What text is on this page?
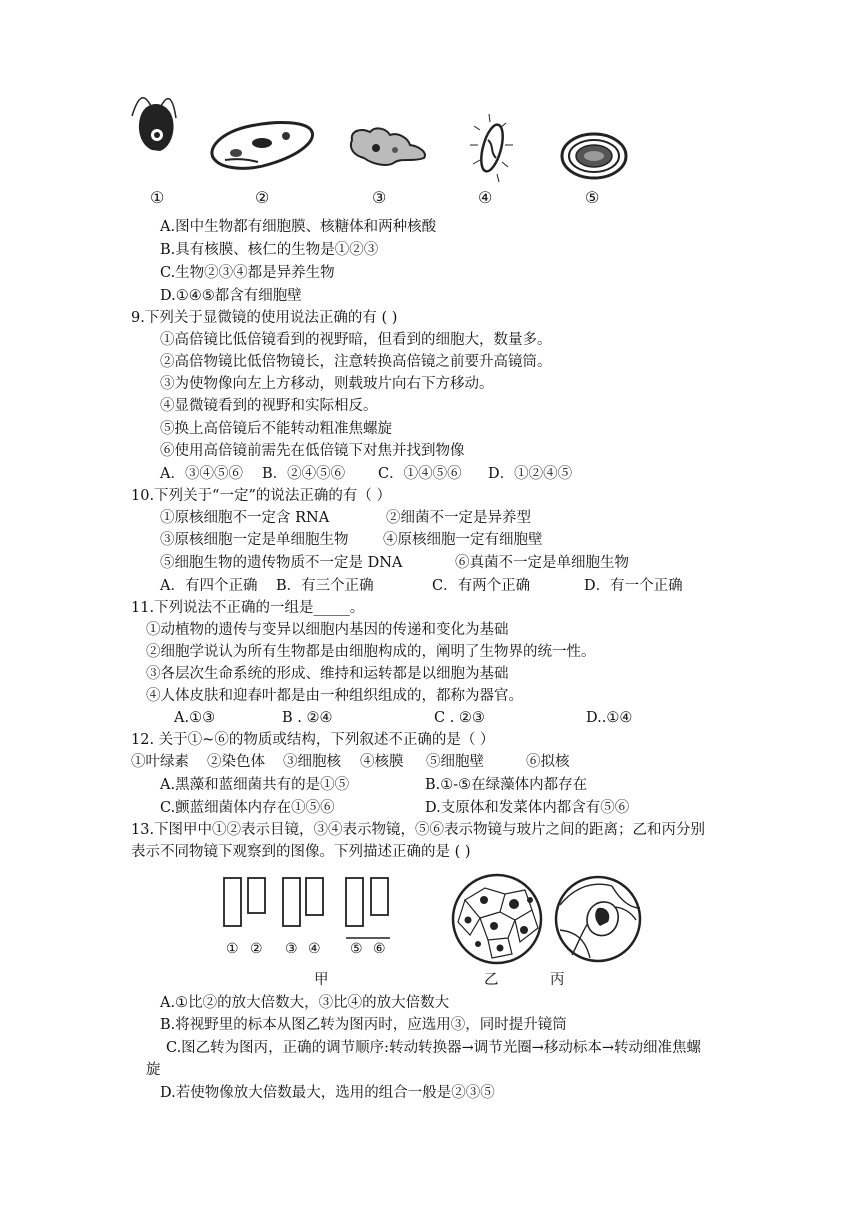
①	②	③	④	⑤
A.图中生物都有细胞膜、核糖体和两种核酸
B.具有核膜、核仁的生物是①②③
C.生物②③④都是异养生物
D.①④⑤都含有细胞壁
9.下列关于显微镜的使用说法正确的有 ( )
①高倍镜比低倍镜看到的视野暗，但看到的细胞大，数量多。
②高倍物镜比低倍物镜长，注意转换高倍镜之前要升高镜筒。
③为使物像向左上方移动，则载玻片向右下方移动。
④显微镜看到的视野和实际相反。
⑤换上高倍镜后不能转动粗准焦螺旋
⑥使用高倍镜前需先在低倍镜下对焦并找到物像
A．③④⑤⑥ B．②④⑤⑥ C．①④⑤⑥ D．①②④⑤
10.下列关于“一定”的说法正确的有（ ）
①原核细胞不一定含 RNA	②细菌不一定是异养型
③原核细胞一定是单细胞生物 ④原核细胞一定有细胞壁
⑤细胞生物的遗传物质不一定是 DNA	⑥真菌不一定是单细胞生物
A．有四个正确 B．有三个正确	C．有两个正确	D．有一个正确
11.下列说法不正确的一组是_____。
①动植物的遗传与变异以细胞内基因的传递和变化为基础
②细胞学说认为所有生物都是由细胞构成的，阐明了生物界的统一性。
③各层次生命系统的形成、维持和运转都是以细胞为基础
④人体皮肤和迎春叶都是由一种组织组成的，都称为器官。
A.①③	B . ②④	C . ②③	D..①④
12. 关于①~⑥的物质或结构，下列叙述不正确的是（ ）
①叶绿素 ②染色体 ③细胞核 ④核膜 ⑤细胞壁	⑥拟核
A.黑藻和蓝细菌共有的是①⑤	B.①-⑤在绿藻体内都存在
C.颤蓝细菌体内存在①⑤⑥	D.支原体和发菜体内都含有⑤⑥
13.下图甲中①②表示目镜，③④表示物镜，⑤⑥表示物镜与玻片之间的距离；乙和丙分别
表示不同物镜下观察到的图像。下列描述正确的是 ( )
① ② ③ ④ ⑤ ⑥
甲	乙	丙
A.①比②的放大倍数大，③比④的放大倍数大
B.将视野里的标本从图乙转为图丙时，应选用③，同时提升镜筒
C.图乙转为图丙，正确的调节顺序:转动转换器→调节光圈→移动标本→转动细准焦螺
旋
D.若使物像放大倍数最大，选用的组合一般是②③⑤
